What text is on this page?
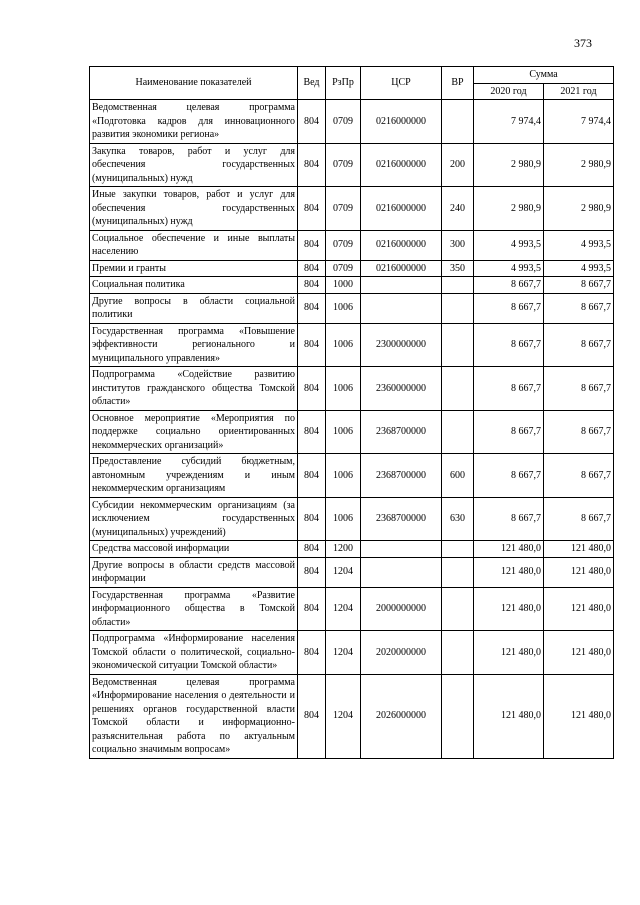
373
Наименование показателей	Вед	РзПр	ЦСР	ВР	Сумма	
					2020 год	2021 год
Ведомственная целевая программа «Подготовка кадров для инновационного развития экономики региона»	804	0709	0216000000		7 974,4	7 974,4
Закупка товаров, работ и услуг для обеспечения государственных (муниципальных) нужд	804	0709	0216000000	200	2 980,9	2 980,9
Иные закупки товаров, работ и услуг для обеспечения государственных (муниципальных) нужд	804	0709	0216000000	240	2 980,9	2 980,9
Социальное обеспечение и иные выплаты населению	804	0709	0216000000	300	4 993,5	4 993,5
Премии и гранты	804	0709	0216000000	350	4 993,5	4 993,5
Социальная политика	804	1000			8 667,7	8 667,7
Другие вопросы в области социальной политики	804	1006			8 667,7	8 667,7
Государственная программа «Повышение эффективности регионального и муниципального управления»	804	1006	2300000000		8 667,7	8 667,7
Подпрограмма «Содействие развитию институтов гражданского общества Томской области»	804	1006	2360000000		8 667,7	8 667,7
Основное мероприятие «Мероприятия по поддержке социально ориентированных некоммерческих организаций»	804	1006	2368700000		8 667,7	8 667,7
Предоставление субсидий бюджетным, автономным учреждениям и иным некоммерческим организациям	804	1006	2368700000	600	8 667,7	8 667,7
Субсидии некоммерческим организациям (за исключением государственных (муниципальных) учреждений)	804	1006	2368700000	630	8 667,7	8 667,7
Средства массовой информации	804	1200			121 480,0	121 480,0
Другие вопросы в области средств массовой информации	804	1204			121 480,0	121 480,0
Государственная программа «Развитие информационного общества в Томской области»	804	1204	2000000000		121 480,0	121 480,0
Подпрограмма «Информирование населения Томской области о политической, социально-экономической ситуации Томской области»	804	1204	2020000000		121 480,0	121 480,0
Ведомственная целевая программа «Информирование населения о деятельности и решениях органов государственной власти Томской области и информационно-разъяснительная работа по актуальным социально значимым вопросам»	804	1204	2026000000		121 480,0	121 480,0
